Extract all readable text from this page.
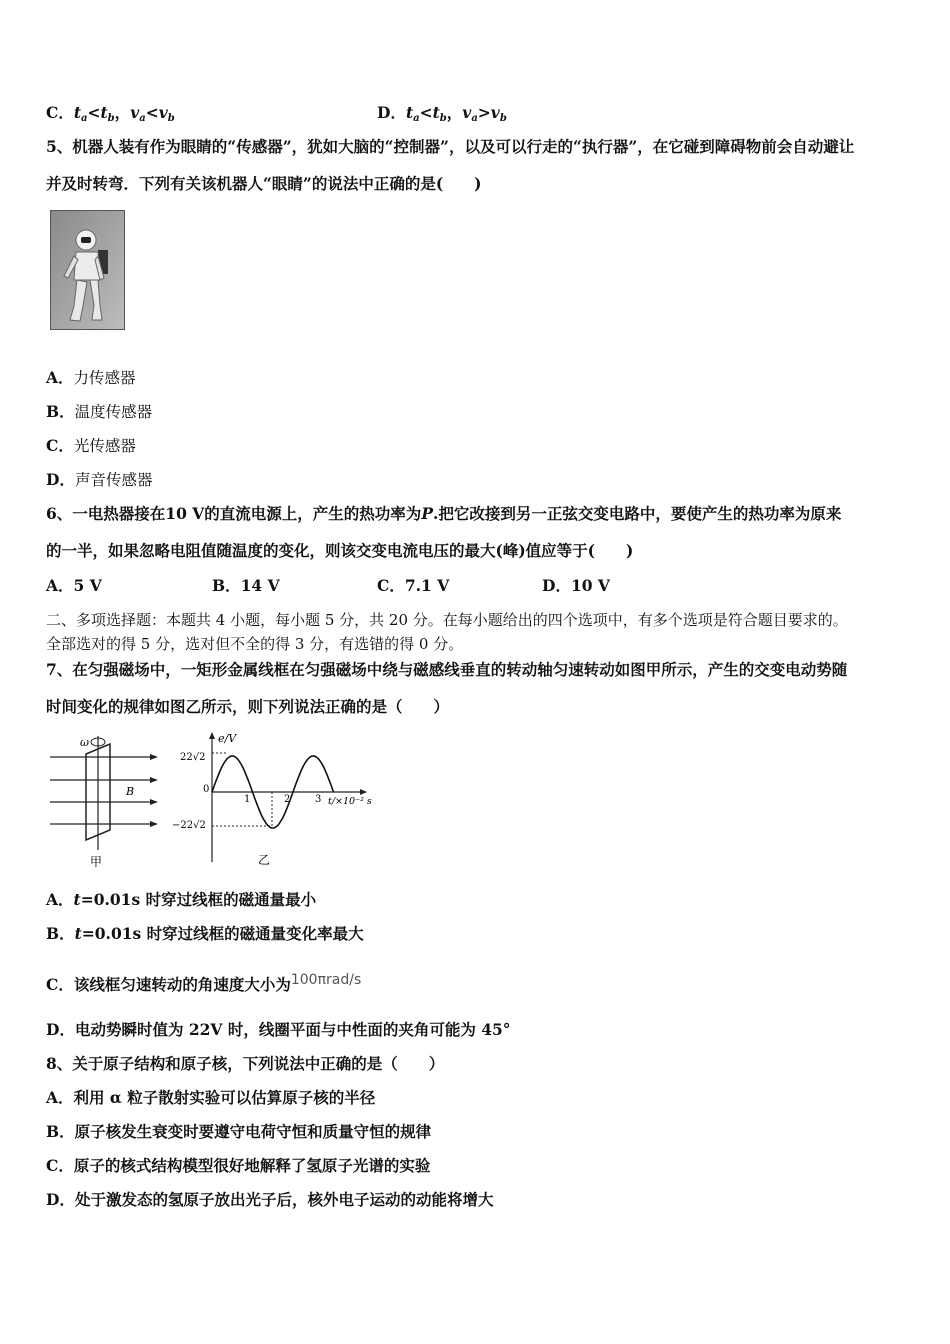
C．$t_a<t_b$，$v_a<v_b$	D．$t_a<t_b$，$v_a>v_b$
5、机器人装有作为眼睛的“传感器”，犹如大脑的“控制器”，以及可以行走的“执行器”，在它碰到障碍物前会自动避让
并及时转弯．下列有关该机器人“眼睛”的说法中正确的是(　　)
A．力传感器
B．温度传感器
C．光传感器
D．声音传感器
6、一电热器接在10 V的直流电源上，产生的热功率为P.把它改接到另一正弦交变电路中，要使产生的热功率为原来
的一半，如果忽略电阻值随温度的变化，则该交变电流电压的最大(峰)值应等于(　　)
A．5 V	B．14 V	C．7.1 V	D．10 V
二、多项选择题：本题共 4 小题，每小题 5 分，共 20 分。在每小题给出的四个选项中，有多个选项是符合题目要求的。
全部选对的得 5 分，选对但不全的得 3 分，有选错的得 0 分。
7、在匀强磁场中，一矩形金属线框在匀强磁场中绕与磁感线垂直的转动轴匀速转动如图甲所示，产生的交变电动势随
时间变化的规律如图乙所示，则下列说法正确的是（　　）
ω
B
甲
e/V
22√2
−22√2
0
1	2 3 t/×10⁻² s
乙
A．t=0.01s 时穿过线框的磁通量最小
B．t=0.01s 时穿过线框的磁通量变化率最大
C．该线框匀速转动的角速度大小为100πrad/s
D．电动势瞬时值为 22V 时，线圈平面与中性面的夹角可能为 45°
8、关于原子结构和原子核，下列说法中正确的是（　　）
A．利用 α 粒子散射实验可以估算原子核的半径
B．原子核发生衰变时要遵守电荷守恒和质量守恒的规律
C．原子的核式结构模型很好地解释了氢原子光谱的实验
D．处于激发态的氢原子放出光子后，核外电子运动的动能将增大
